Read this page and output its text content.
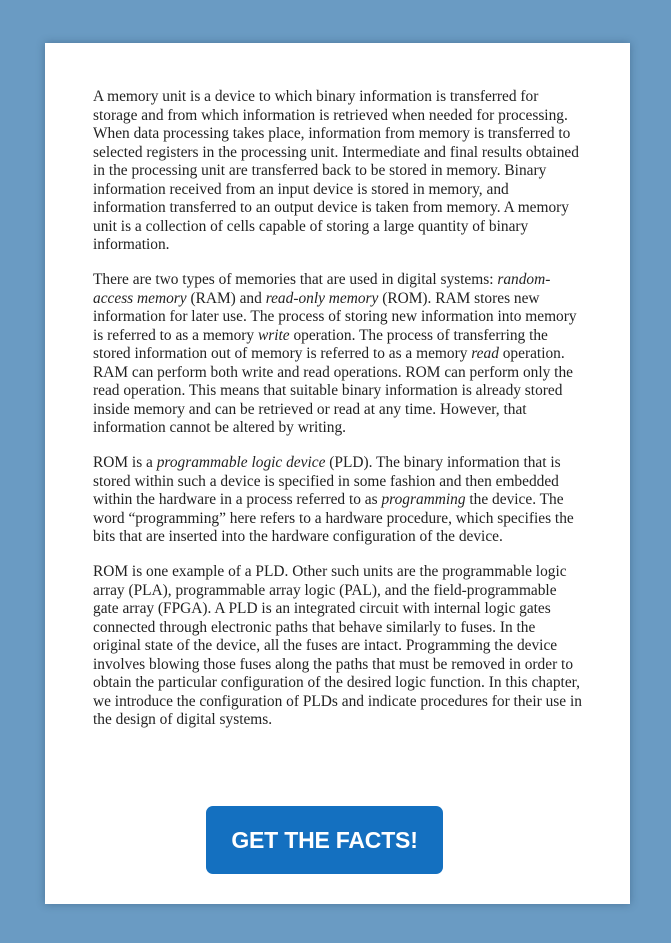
A memory unit is a device to which binary information is transferred for storage and from which information is retrieved when needed for processing. When data processing takes place, information from memory is transferred to selected registers in the processing unit. Intermediate and final results obtained in the processing unit are transferred back to be stored in memory. Binary information received from an input device is stored in memory, and information transferred to an output device is taken from memory. A memory unit is a collection of cells capable of storing a large quantity of binary information.

There are two types of memories that are used in digital systems: random-access memory (RAM) and read-only memory (ROM). RAM stores new information for later use. The process of storing new information into memory is referred to as a memory write operation. The process of transferring the stored information out of memory is referred to as a memory read operation. RAM can perform both write and read operations. ROM can perform only the read operation. This means that suitable binary information is already stored inside memory and can be retrieved or read at any time. However, that information cannot be altered by writing.

ROM is a programmable logic device (PLD). The binary information that is stored within such a device is specified in some fashion and then embedded within the hardware in a process referred to as programming the device. The word “programming” here refers to a hardware procedure, which specifies the bits that are inserted into the hardware configuration of the device.

ROM is one example of a PLD. Other such units are the programmable logic array (PLA), programmable array logic (PAL), and the field-programmable gate array (FPGA). A PLD is an integrated circuit with internal logic gates connected through electronic paths that behave similarly to fuses. In the original state of the device, all the fuses are intact. Programming the device involves blowing those fuses along the paths that must be removed in order to obtain the particular configuration of the desired logic function. In this chapter, we introduce the configuration of PLDs and indicate procedures for their use in the design of digital systems.

GET THE FACTS!
